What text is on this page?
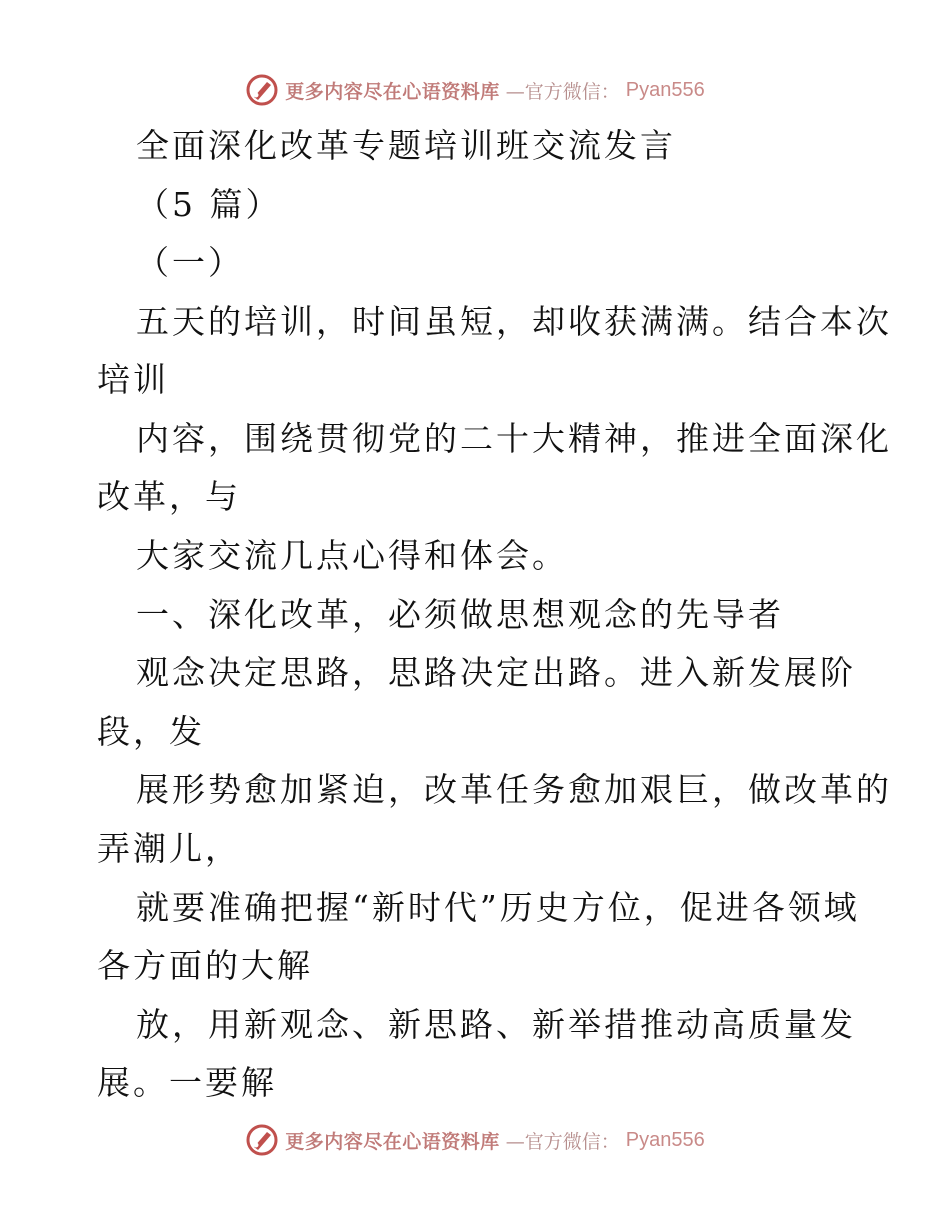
更多内容尽在心语资料库 —官方微信： Pyan556
全面深化改革专题培训班交流发言
（5 篇）
（一）
五天的培训，时间虽短，却收获满满。结合本次
培训
内容，围绕贯彻党的二十大精神，推进全面深化
改革，与
大家交流几点心得和体会。
一、深化改革，必须做思想观念的先导者
观念决定思路，思路决定出路。进入新发展阶
段，发
展形势愈加紧迫，改革任务愈加艰巨，做改革的
弄潮儿，
就要准确把握“新时代”历史方位，促进各领域
各方面的大解
放，用新观念、新思路、新举措推动高质量发
展。一要解
更多内容尽在心语资料库 —官方微信： Pyan556
